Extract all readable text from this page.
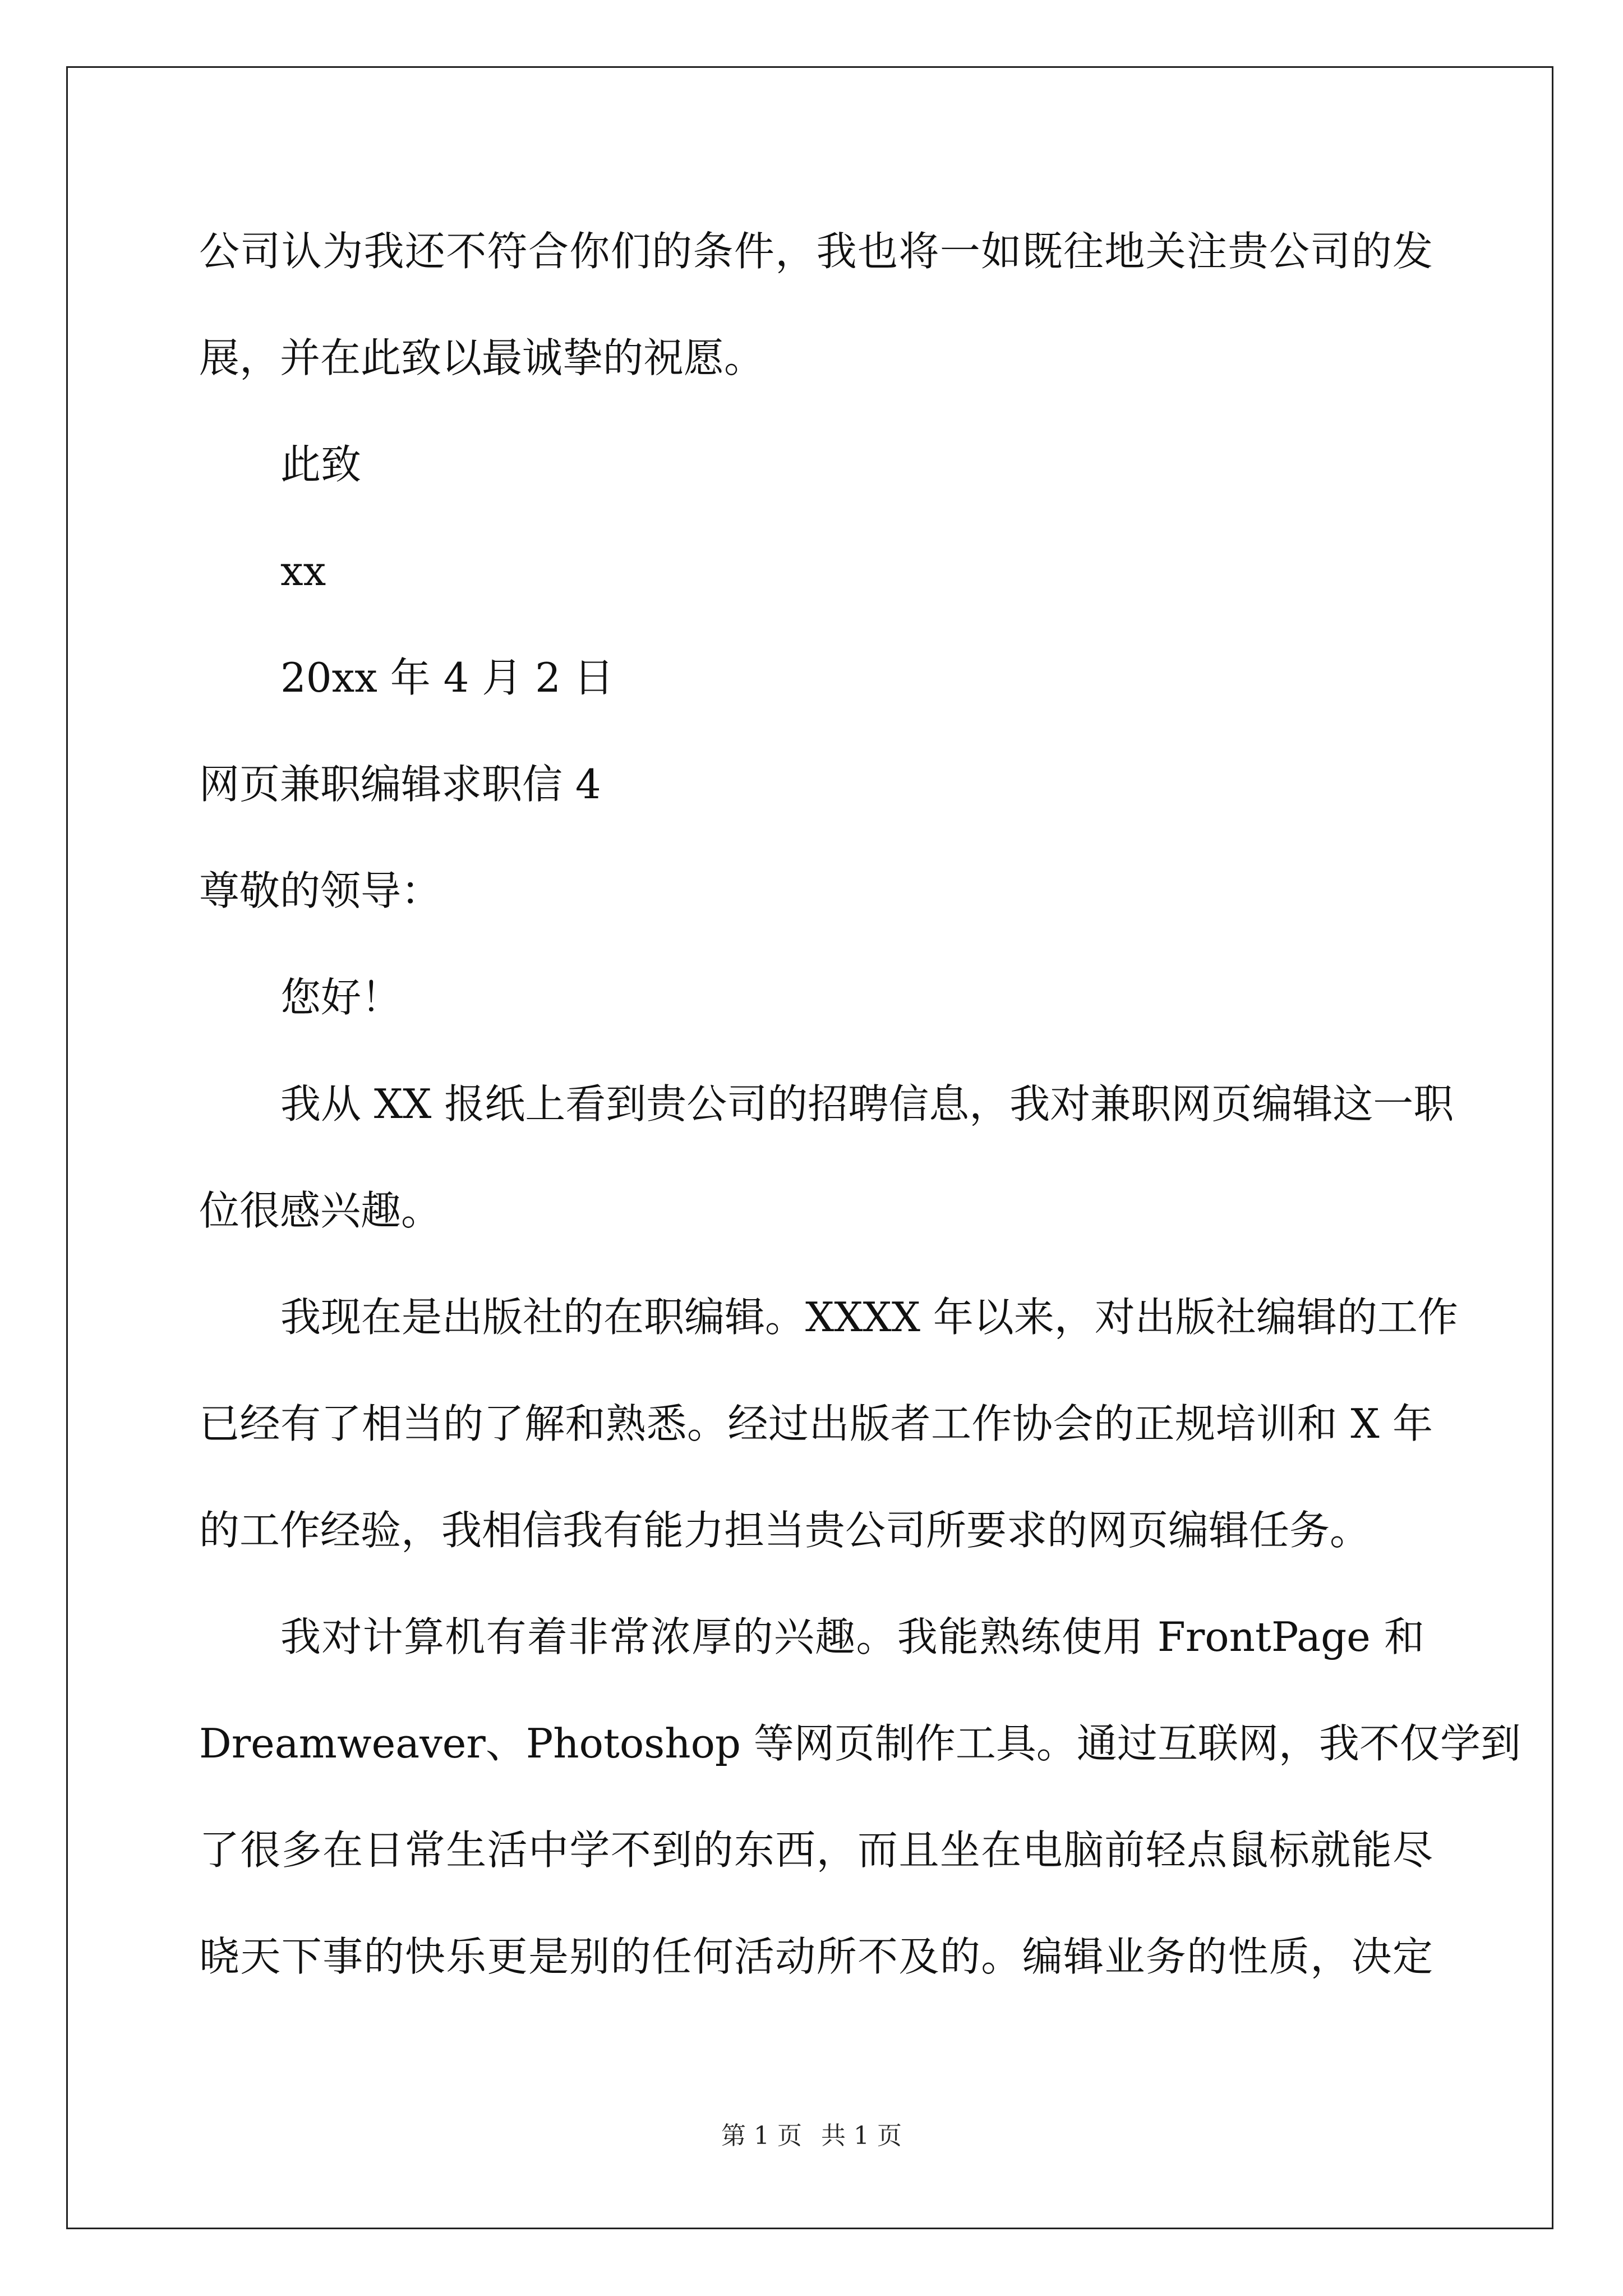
公司认为我还不符合你们的条件，我也将一如既往地关注贵公司的发
展，并在此致以最诚挚的祝愿。
此致
xx
20xx 年 4 月 2 日
网页兼职编辑求职信 4
尊敬的领导：
您好！
我从 XX 报纸上看到贵公司的招聘信息，我对兼职网页编辑这一职
位很感兴趣。
我现在是出版社的在职编辑。XXXX 年以来，对出版社编辑的工作
已经有了相当的了解和熟悉。经过出版者工作协会的正规培训和 X 年
的工作经验，我相信我有能力担当贵公司所要求的网页编辑任务。
我对计算机有着非常浓厚的兴趣。我能熟练使用 FrontPage 和
Dreamweaver、Photoshop 等网页制作工具。通过互联网，我不仅学到
了很多在日常生活中学不到的东西，而且坐在电脑前轻点鼠标就能尽
晓天下事的快乐更是别的任何活动所不及的。编辑业务的性质，决定
第 1 页 共 1 页
